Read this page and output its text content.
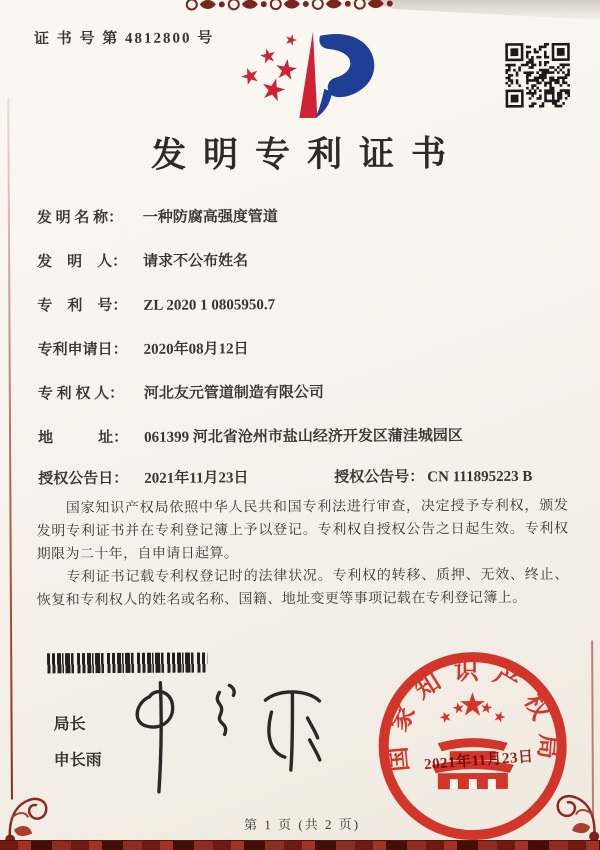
证 书 号 第 4812800 号
发明专利证书
发 明 名 称： 一种防腐高强度管道
发　明　人： 请求不公布姓名
专　利　号： ZL 2020 1 0805950.7
专利申请日： 2020年08月12日
专 利 权 人： 河北友元管道制造有限公司
地　　　址： 061399 河北省沧州市盐山经济开发区蒲洼城园区
授权公告日： 2021年11月23日	授权公告号： CN 111895223 B

国家知识产权局依照中华人民共和国专利法进行审查，决定授予专利权，颁发发明专利证书并在专利登记簿上予以登记。专利权自授权公告之日起生效。专利权期限为二十年，自申请日起算。

专利证书记载专利权登记时的法律状况。专利权的转移、质押、无效、终止、恢复和专利权人的姓名或名称、国籍、地址变更等事项记载在专利登记簿上。

局长
申长雨	国家知识产权局
2021年11月23日
第 1 页 (共 2 页)
